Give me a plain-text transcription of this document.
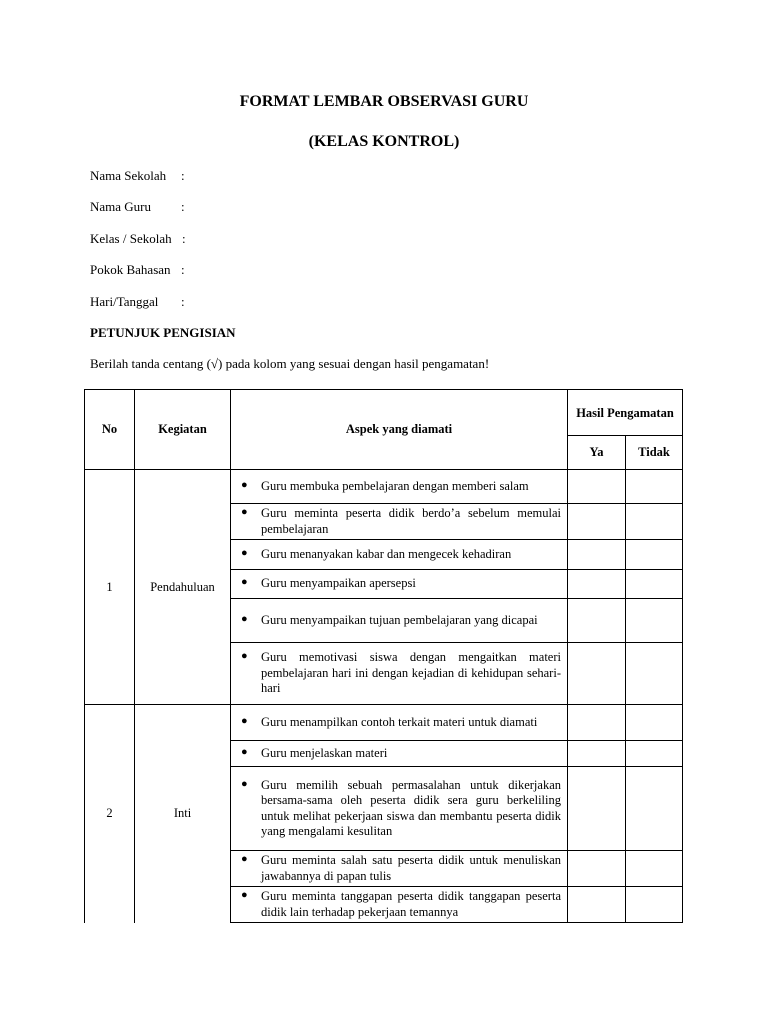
FORMAT LEMBAR OBSERVASI GURU
(KELAS KONTROL)
Nama Sekolah :
Nama Guru :
Kelas / Sekolah :
Pokok Bahasan :
Hari/Tanggal :
PETUNJUK PENGISIAN
Berilah tanda centang (√) pada kolom yang sesuai dengan hasil pengamatan!
No	Kegiatan	Aspek yang diamati	Hasil Pengamatan	
			Ya	Tidak
1	Pendahuluan	● Guru membuka pembelajaran dengan memberi salam		

		● Guru meminta peserta didik berdo’a sebelum memulai pembelajaran		

		● Guru menanyakan kabar dan mengecek kehadiran		

		● Guru menyampaikan apersepsi		

		● Guru menyampaikan tujuan pembelajaran yang dicapai		

		● Guru memotivasi siswa dengan mengaitkan materi pembelajaran hari ini dengan kejadian di kehidupan sehari-hari		

2	Inti	● Guru menampilkan contoh terkait materi untuk diamati		

		● Guru menjelaskan materi		

		● Guru memilih sebuah permasalahan untuk dikerjakan bersama-sama oleh peserta didik sera guru berkeliling untuk melihat pekerjaan siswa dan membantu peserta didik yang mengalami kesulitan		

		● Guru meminta salah satu peserta didik untuk menuliskan jawabannya di papan tulis		

		● Guru meminta tanggapan peserta didik tanggapan peserta didik lain terhadap pekerjaan temannya		
